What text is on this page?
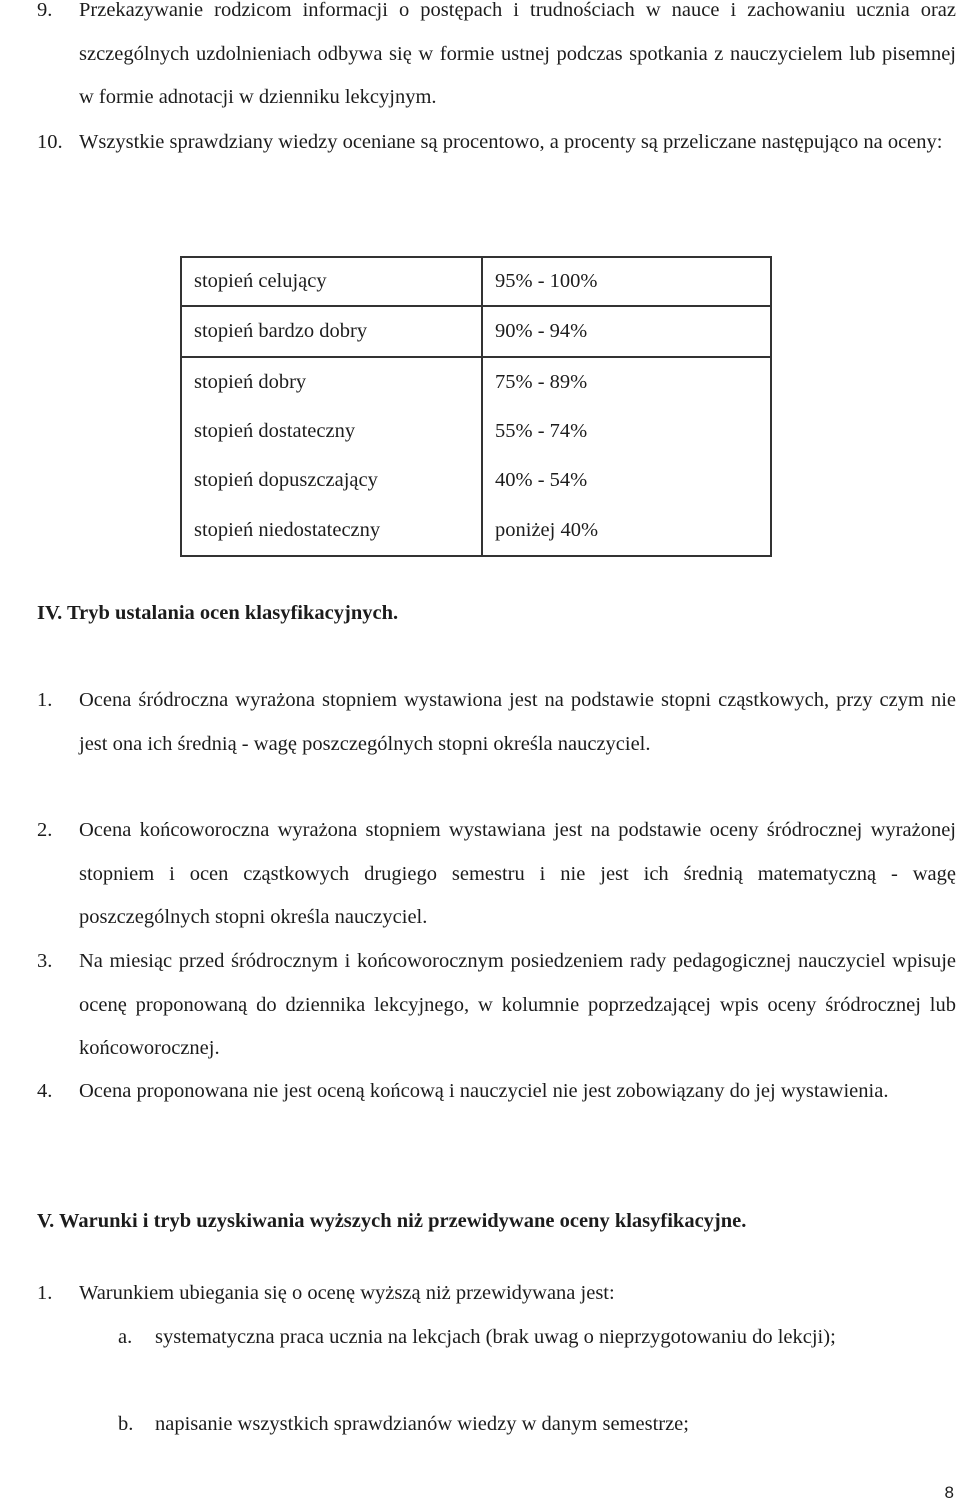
9. Przekazywanie rodzicom informacji o postępach i trudnościach w nauce i zachowaniu ucznia oraz szczególnych uzdolnieniach odbywa się w formie ustnej podczas spotkania z nauczycielem lub pisemnej w formie adnotacji w dzienniku lekcyjnym.
10. Wszystkie sprawdziany wiedzy oceniane są procentowo, a procenty są przeliczane następująco na oceny:
stopień celujący	95% - 100%
stopień bardzo dobry	90% - 94%
stopień dobry	75% - 89%
stopień dostateczny	55% - 74%
stopień dopuszczający	40% - 54%
stopień niedostateczny	poniżej 40%
IV. Tryb ustalania ocen klasyfikacyjnych.
1. Ocena śródroczna wyrażona stopniem wystawiona jest na podstawie stopni cząstkowych, przy czym nie jest ona ich średnią - wagę poszczególnych stopni określa nauczyciel.
2. Ocena końcoworoczna wyrażona stopniem wystawiana jest na podstawie oceny śródrocznej wyrażonej stopniem i ocen cząstkowych drugiego semestru i nie jest ich średnią matematyczną - wagę poszczególnych stopni określa nauczyciel.
3. Na miesiąc przed śródrocznym i końcoworocznym posiedzeniem rady pedagogicznej nauczyciel wpisuje ocenę proponowaną do dziennika lekcyjnego, w kolumnie poprzedzającej wpis oceny śródrocznej lub końcoworocznej.
4. Ocena proponowana nie jest oceną końcową i nauczyciel nie jest zobowiązany do jej wystawienia.
V. Warunki i tryb uzyskiwania wyższych niż przewidywane oceny klasyfikacyjne.
1. Warunkiem ubiegania się o ocenę wyższą niż przewidywana jest:
a. systematyczna praca ucznia na lekcjach (brak uwag o nieprzygotowaniu do lekcji);
b. napisanie wszystkich sprawdzianów wiedzy w danym semestrze;
8
